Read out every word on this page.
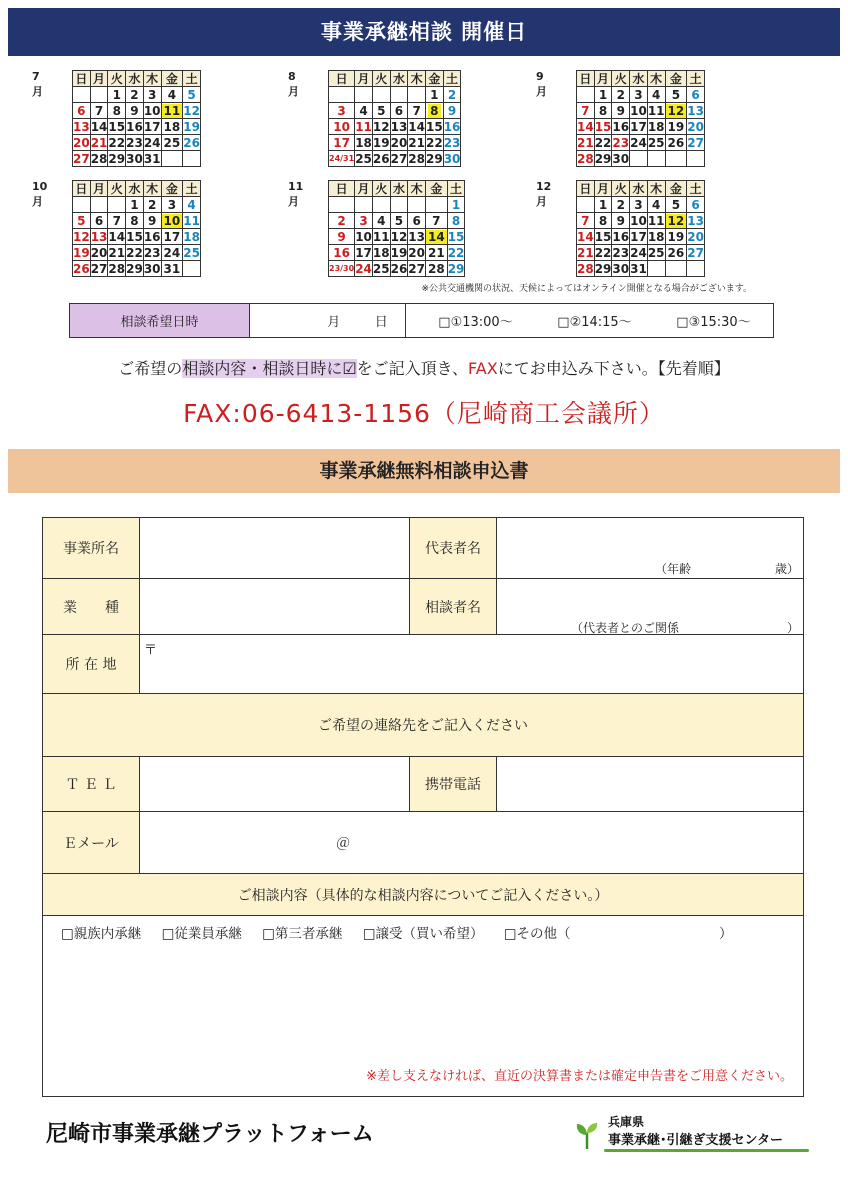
事業承継相談 開催日
7月
日	月	火	水	木	金	土
		1	2	3	4	5
6	7	8	9	10	11	12
13	14	15	16	17	18	19
20	21	22	23	24	25	26
27	28	29	30	31		
8月
日	月	火	水	木	金	土
					1	2
3	4	5	6	7	8	9
10	11	12	13	14	15	16
17	18	19	20	21	22	23
24/31	25	26	27	28	29	30
9月
日	月	火	水	木	金	土
	1	2	3	4	5	6
7	8	9	10	11	12	13
14	15	16	17	18	19	20
21	22	23	24	25	26	27
28	29	30				
10月
日	月	火	水	木	金	土
			1	2	3	4
5	6	7	8	9	10	11
12	13	14	15	16	17	18
19	20	21	22	23	24	25
26	27	28	29	30	31	
11月
日	月	火	水	木	金	土
						1
2	3	4	5	6	7	8
9	10	11	12	13	14	15
16	17	18	19	20	21	22
23/30	24	25	26	27	28	29
12月
日	月	火	水	木	金	土
	1	2	3	4	5	6
7	8	9	10	11	12	13
14	15	16	17	18	19	20
21	22	23	24	25	26	27
28	29	30	31			
※公共交通機関の状況、天候によってはオンライン開催となる場合がございます。
相談希望日時	月	日	□①13:00～	□②14:15～	□③15:30～
ご希望の相談内容・相談日時に☑をご記入頂き、FAXにてお申込み下さい。【先着順】
FAX:06-6413-1156（尼崎商工会議所）
事業承継無料相談申込書
事業所名	代表者名
（年齢　　　　　　　歳）
業　　種	相談者名
（代表者とのご関係　　　　　　　　　）
所 在 地
〒
ご希望の連絡先をご記入ください
Ｔ Ｅ Ｌ	携帯電話
Ｅメール	＠
ご相談内容（具体的な相談内容についてご記入ください。）
□親族内承継 □従業員承継 □第三者承継 □譲受（買い希望） □その他（　　　　　　　　　　　）
※差し支えなければ、直近の決算書または確定申告書をご用意ください。
尼崎市事業承継プラットフォーム	兵庫県
事業承継･引継ぎ支援センター
